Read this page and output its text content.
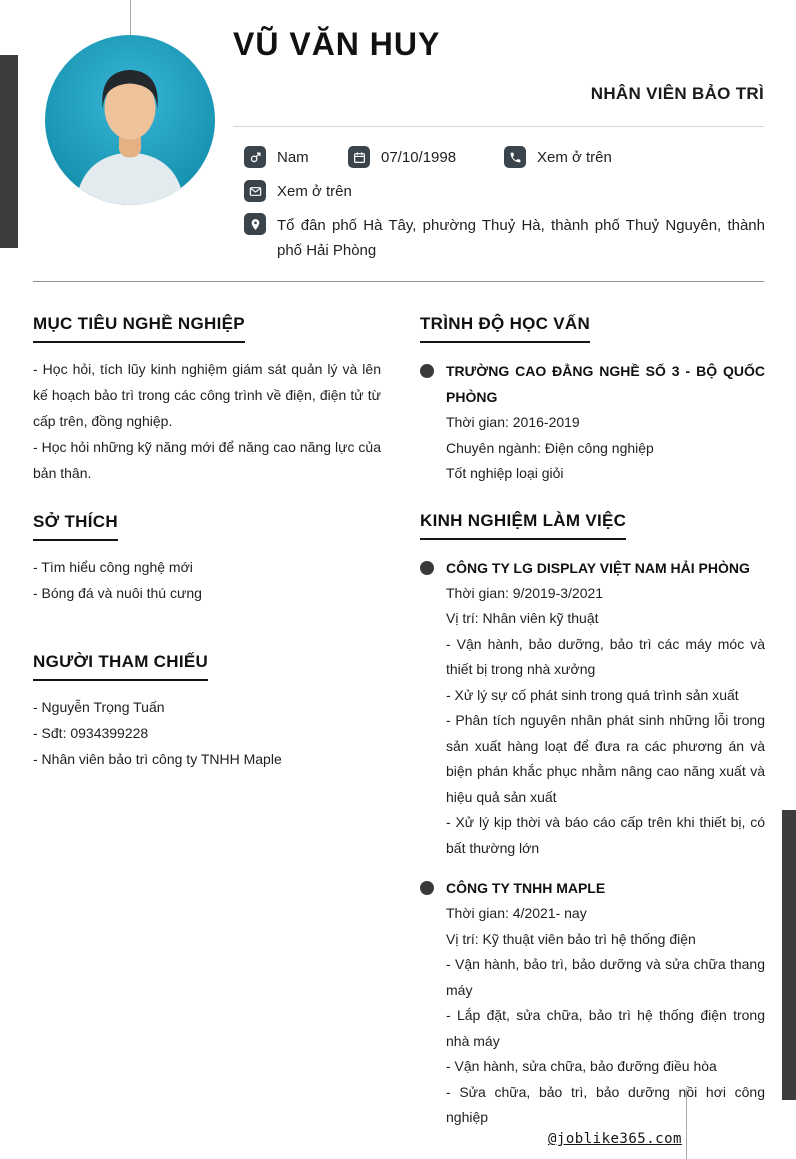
VŨ VĂN HUY
NHÂN VIÊN BẢO TRÌ
Nam	07/10/1998	Xem ở trên
Xem ở trên
Tổ đân phố Hà Tây, phường Thuỷ Hà, thành phố Thuỷ Nguyên, thành phố Hải Phòng
MỤC TIÊU NGHỀ NGHIỆP
- Học hỏi, tích lũy kinh nghiệm giám sát quản lý và lên kế hoạch bảo trì trong các công trình về điện, điện tử từ cấp trên, đồng nghiệp.
- Học hỏi những kỹ năng mới để năng cao năng lực của bản thân.
SỞ THÍCH
- Tìm hiểu công nghệ mới
- Bóng đá và nuôi thú cưng
NGƯỜI THAM CHIẾU
- Nguyễn Trọng Tuấn
- Sđt: 0934399228
- Nhân viên bảo trì công ty TNHH Maple
TRÌNH ĐỘ HỌC VẤN
TRƯỜNG CAO ĐẲNG NGHỀ SỐ 3 - BỘ QUỐC PHÒNG
Thời gian: 2016-2019
Chuyên ngành: Điện công nghiệp
Tốt nghiệp loại giỏi
KINH NGHIỆM LÀM VIỆC
CÔNG TY LG DISPLAY VIỆT NAM HẢI PHÒNG
Thời gian: 9/2019-3/2021
Vị trí: Nhân viên kỹ thuật
- Vận hành, bảo dưỡng, bảo trì các máy móc và thiết bị trong nhà xưởng
- Xử lý sự cố phát sinh trong quá trình sản xuất
- Phân tích nguyên nhân phát sinh những lỗi trong sản xuất hàng loạt để đưa ra các phương án và biện phán khắc phục nhằm nâng cao năng xuất và hiệu quả sản xuất
- Xử lý kịp thời và báo cáo cấp trên khi thiết bị, có bất thường lớn
CÔNG TY TNHH MAPLE
Thời gian: 4/2021- nay
Vị trí: Kỹ thuật viên bảo trì hệ thống điện
- Vận hành, bảo trì, bảo dưỡng và sửa chữa thang máy
- Lắp đặt, sửa chữa, bảo trì hệ thống điện trong nhà máy
- Vận hành, sửa chữa, bảo đưỡng điều hòa
- Sửa chữa, bảo trì, bảo dưỡng nồi hơi công nghiệp
@joblike365.com
